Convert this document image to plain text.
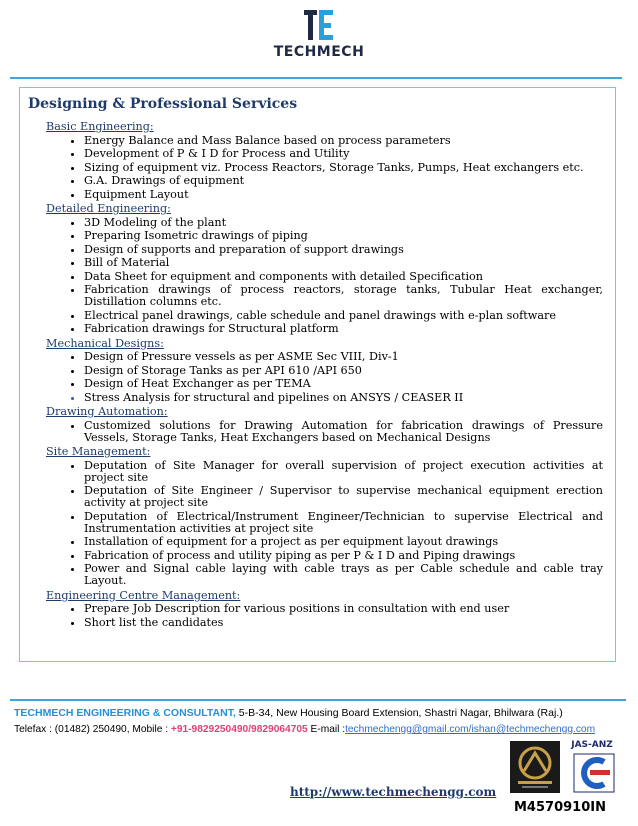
TECHMECH
Designing & Professional Services
Basic Engineering:
• Energy Balance and Mass Balance based on process parameters
• Development of P & I D for Process and Utility
• Sizing of equipment viz. Process Reactors, Storage Tanks, Pumps, Heat exchangers etc.
• G.A. Drawings of equipment
• Equipment Layout
Detailed Engineering:
• 3D Modeling of the plant
• Preparing Isometric drawings of piping
• Design of supports and preparation of support drawings
• Bill of Material
• Data Sheet for equipment and components with detailed Specification
• Fabrication drawings of process reactors, storage tanks, Tubular Heat exchanger, Distillation columns etc.
• Electrical panel drawings, cable schedule and panel drawings with e-plan software
• Fabrication drawings for Structural platform
Mechanical Designs:
• Design of Pressure vessels as per ASME Sec VIII, Div-1
• Design of Storage Tanks as per API 610 /API 650
• Design of Heat Exchanger as per TEMA
• Stress Analysis for structural and pipelines on ANSYS / CEASER II
Drawing Automation:
• Customized solutions for Drawing Automation for fabrication drawings of Pressure Vessels, Storage Tanks, Heat Exchangers based on Mechanical Designs
Site Management:
• Deputation of Site Manager for overall supervision of project execution activities at project site
• Deputation of Site Engineer / Supervisor to supervise mechanical equipment erection activity at project site
• Deputation of Electrical/Instrument Engineer/Technician to supervise Electrical and Instrumentation activities at project site
• Installation of equipment for a project as per equipment layout drawings
• Fabrication of process and utility piping as per P & I D and Piping drawings
• Power and Signal cable laying with cable trays as per Cable schedule and cable tray Layout.
Engineering Centre Management:
• Prepare Job Description for various positions in consultation with end user
• Short list the candidates
TECHMECH ENGINEERING & CONSULTANT, 5-B-34, New Housing Board Extension, Shastri Nagar, Bhilwara (Raj.)
Telefax : (01482) 250490, Mobile : +91-9829250490/9829064705 E-mail :techmechengg@gmail.com/ishan@techmechengg.com
http://www.techmechengg.com
JAS-ANZ
M4570910IN
